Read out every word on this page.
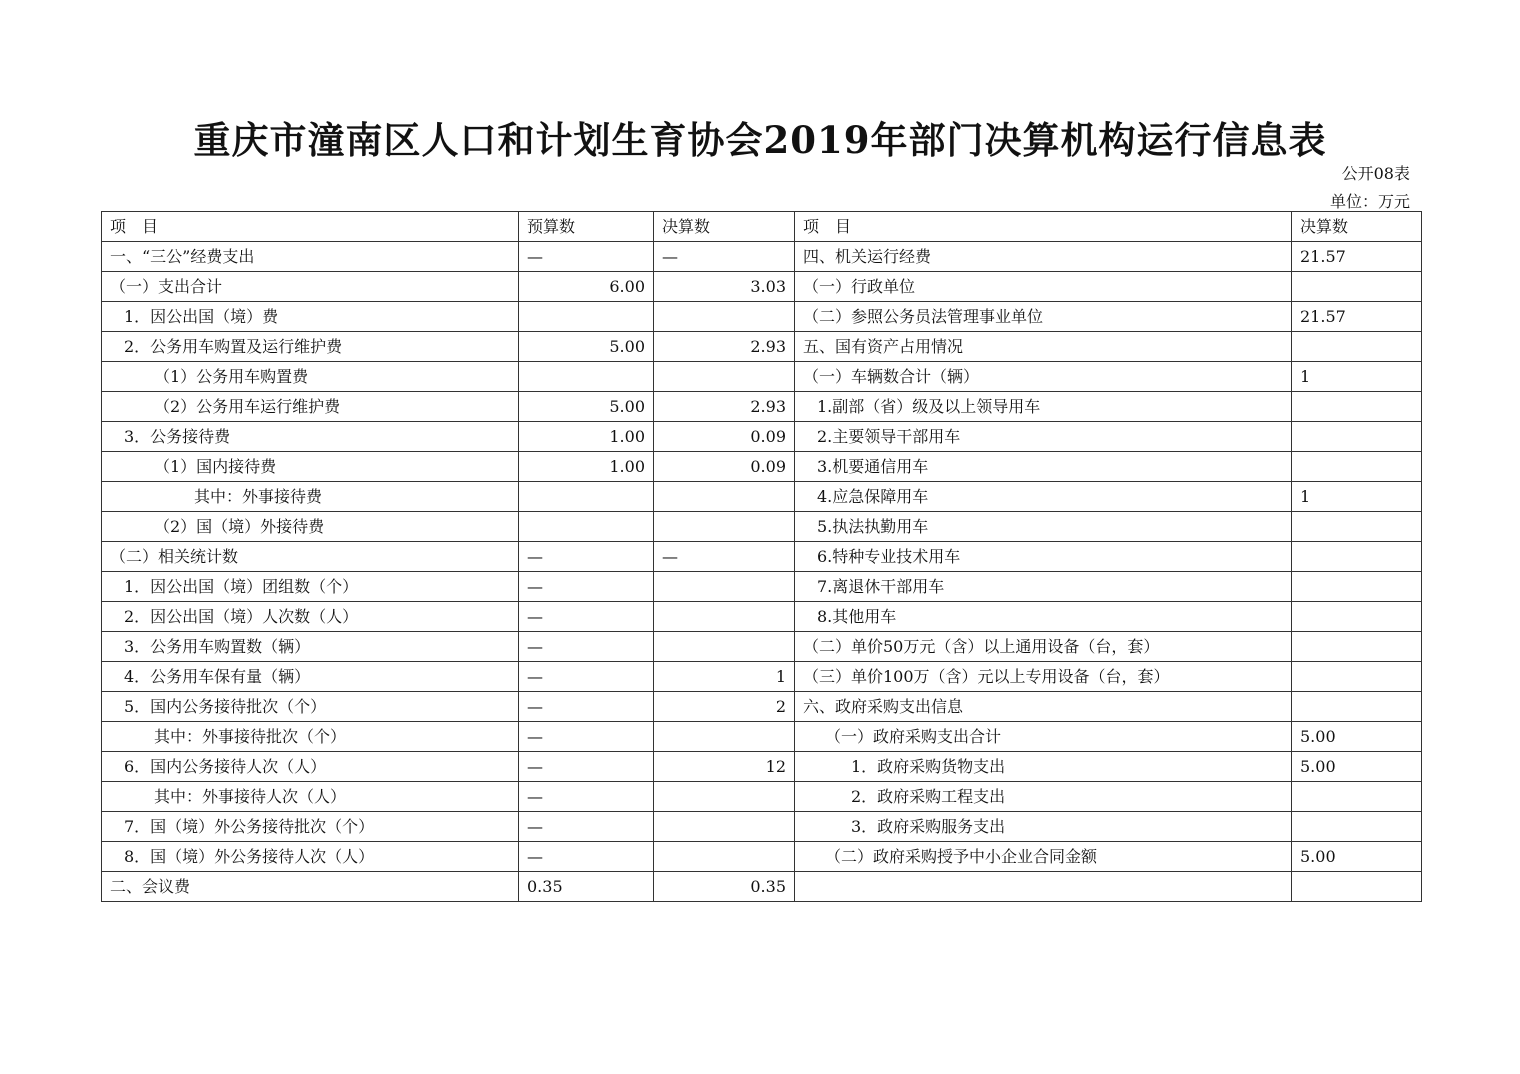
重庆市潼南区人口和计划生育协会2019年部门决算机构运行信息表
公开08表
单位：万元
项　目	预算数	决算数	项　目	决算数
一、“三公”经费支出	—	—	四、机关运行经费	21.57
（一）支出合计	6.00	3.03	（一）行政单位	
1．因公出国（境）费			（二）参照公务员法管理事业单位	21.57
2．公务用车购置及运行维护费	5.00	2.93	五、国有资产占用情况	
（1）公务用车购置费			（一）车辆数合计（辆）	1
（2）公务用车运行维护费	5.00	2.93	1.副部（省）级及以上领导用车	
3．公务接待费	1.00	0.09	2.主要领导干部用车	
（1）国内接待费	1.00	0.09	3.机要通信用车	
其中：外事接待费			4.应急保障用车	1
（2）国（境）外接待费			5.执法执勤用车	
（二）相关统计数	—	—	6.特种专业技术用车	
1．因公出国（境）团组数（个）	—		7.离退休干部用车	
2．因公出国（境）人次数（人）	—		8.其他用车	
3．公务用车购置数（辆）	—		（二）单价50万元（含）以上通用设备（台，套）	
4．公务用车保有量（辆）	—	1	（三）单价100万（含）元以上专用设备（台，套）	
5．国内公务接待批次（个）	—	2	六、政府采购支出信息	
其中：外事接待批次（个）	—		（一）政府采购支出合计	5.00
6．国内公务接待人次（人）	—	12	1．政府采购货物支出	5.00
其中：外事接待人次（人）	—		2．政府采购工程支出	
7．国（境）外公务接待批次（个）	—		3．政府采购服务支出	
8．国（境）外公务接待人次（人）	—		（二）政府采购授予中小企业合同金额	5.00
二、会议费	0.35	0.35		
